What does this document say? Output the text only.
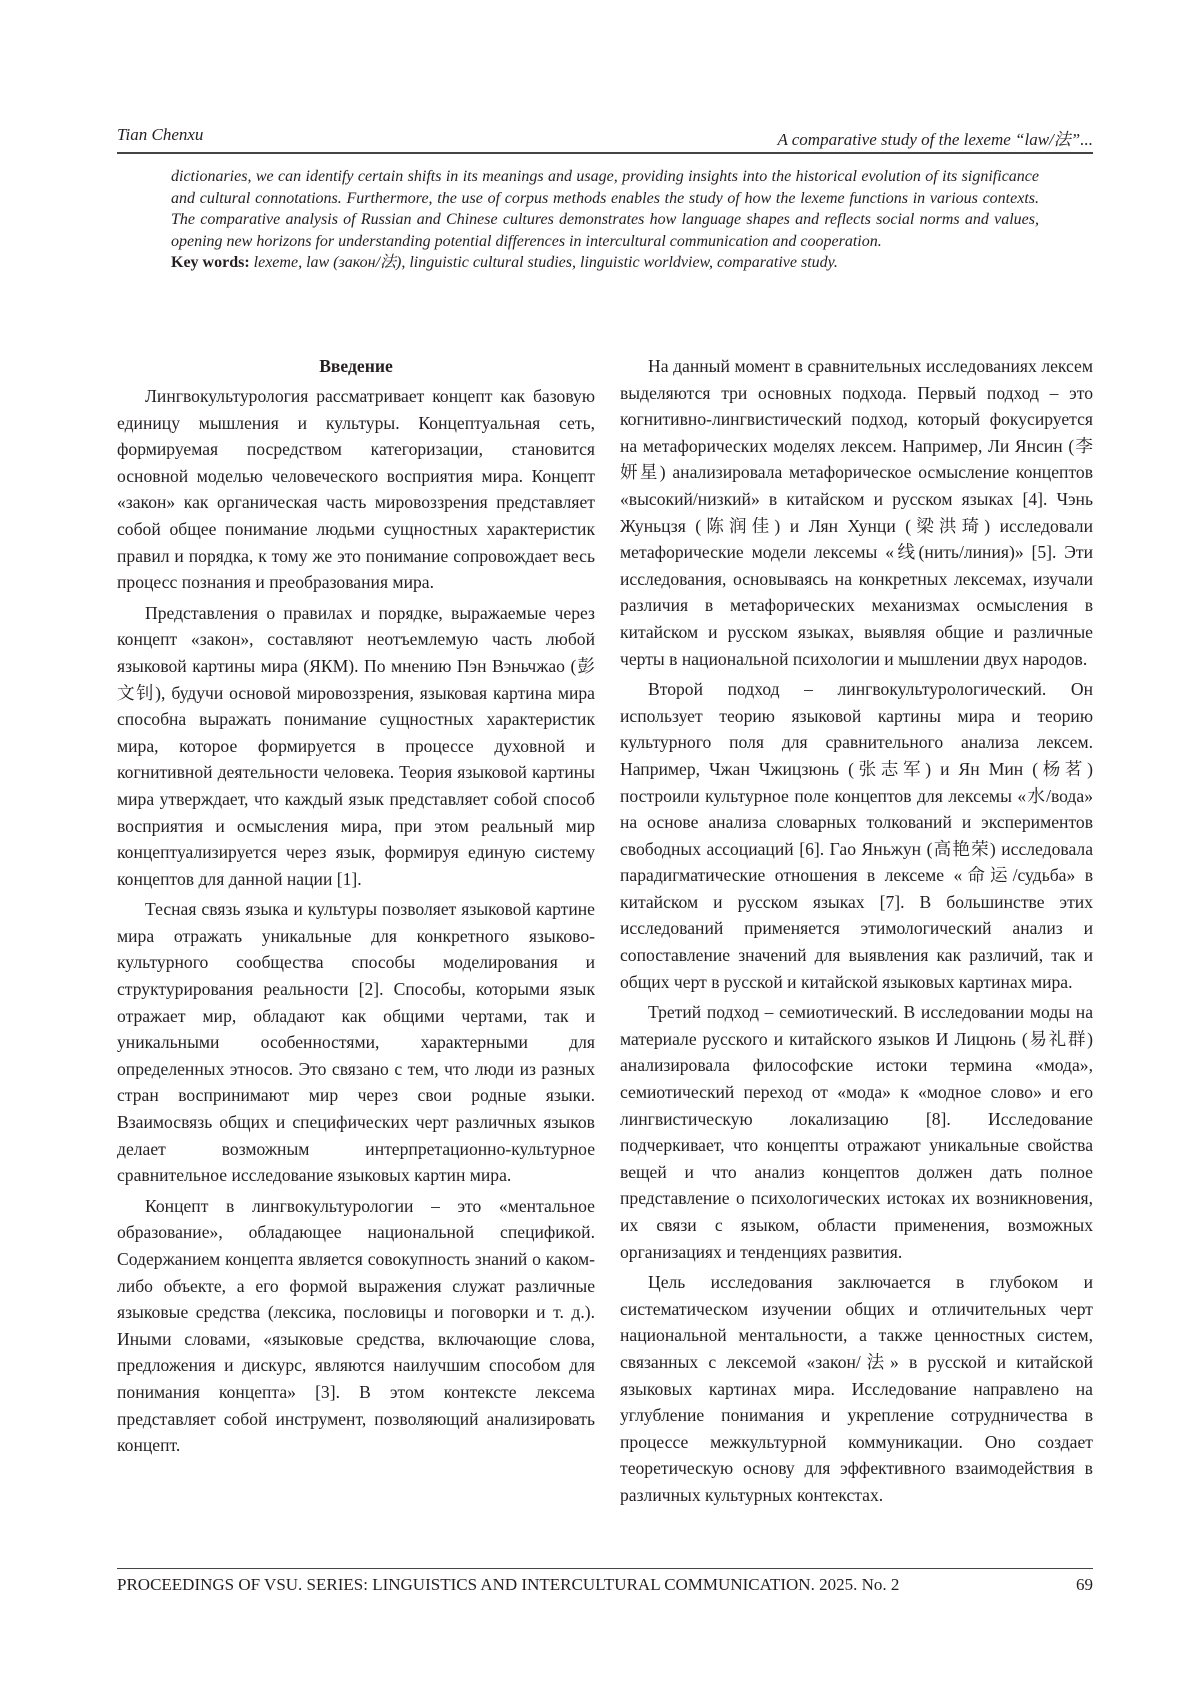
Tian Chenxu	A comparative study of the lexeme “law/法”...

dictionaries, we can identify certain shifts in its meanings and usage, providing insights into the historical evolution of its significance and cultural connotations. Furthermore, the use of corpus methods enables the study of how the lexeme functions in various contexts. The comparative analysis of Russian and Chinese cultures demonstrates how language shapes and reflects social norms and values, opening new horizons for understanding potential differences in intercultural communication and cooperation.

Key words: lexeme, law (закон/法), linguistic cultural studies, linguistic worldview, comparative study.

Введение

Лингвокультурология рассматривает концепт как базовую единицу мышления и культуры. Концептуальная сеть, формируемая посредством категоризации, становится основной моделью человеческого восприятия мира. Концепт «закон» как органическая часть мировоззрения представляет собой общее понимание людьми сущностных характеристик правил и порядка, к тому же это понимание сопровождает весь процесс познания и преобразования мира.

Представления о правилах и порядке, выражаемые через концепт «закон», составляют неотъемлемую часть любой языковой картины мира (ЯКМ). По мнению Пэн Вэньчжао (彭文钊), будучи основой мировоззрения, языковая картина мира способна выражать понимание сущностных характеристик мира, которое формируется в процессе духовной и когнитивной деятельности человека. Теория языковой картины мира утверждает, что каждый язык представляет собой способ восприятия и осмысления мира, при этом реальный мир концептуализируется через язык, формируя единую систему концептов для данной нации [1].

Тесная связь языка и культуры позволяет языковой картине мира отражать уникальные для конкретного языково-культурного сообщества способы моделирования и структурирования реальности [2]. Способы, которыми язык отражает мир, обладают как общими чертами, так и уникальными особенностями, характерными для определенных этносов. Это связано с тем, что люди из разных стран воспринимают мир через свои родные языки. Взаимосвязь общих и специфических черт различных языков делает возможным интерпретационно-культурное сравнительное исследование языковых картин мира.

Концепт в лингвокультурологии – это «ментальное образование», обладающее национальной спецификой. Содержанием концепта является совокупность знаний о каком-либо объекте, а его формой выражения служат различные языковые средства (лексика, пословицы и поговорки и т. д.). Иными словами, «языковые средства, включающие слова, предложения и дискурс, являются наилучшим способом для понимания концепта» [3]. В этом контексте лексема представляет собой инструмент, позволяющий анализировать концепт.

На данный момент в сравнительных исследованиях лексем выделяются три основных подхода. Первый подход – это когнитивно-лингвистический подход, который фокусируется на метафорических моделях лексем. Например, Ли Янсин (李妍星) анализировала метафорическое осмысление концептов «высокий/низкий» в китайском и русском языках [4]. Чэнь Жуньцзя (陈润佳) и Лян Хунци (梁洪琦) исследовали метафорические модели лексемы «线(нить/линия)» [5]. Эти исследования, основываясь на конкретных лексемах, изучали различия в метафорических механизмах осмысления в китайском и русском языках, выявляя общие и различные черты в национальной психологии и мышлении двух народов.

Второй подход – лингвокультурологический. Он использует теорию языковой картины мира и теорию культурного поля для сравнительного анализа лексем. Например, Чжан Чжицзюнь (张志军) и Ян Мин (杨茗) построили культурное поле концептов для лексемы «水/вода» на основе анализа словарных толкований и экспериментов свободных ассоциаций [6]. Гао Яньжун (高艳荣) исследовала парадигматические отношения в лексеме «命运/судьба» в китайском и русском языках [7]. В большинстве этих исследований применяется этимологический анализ и сопоставление значений для выявления как различий, так и общих черт в русской и китайской языковых картинах мира.

Третий подход – семиотический. В исследовании моды на материале русского и китайского языков И Лицюнь (易礼群) анализировала философские истоки термина «мода», семиотический переход от «мода» к «модное слово» и его лингвистическую локализацию [8]. Исследование подчеркивает, что концепты отражают уникальные свойства вещей и что анализ концептов должен дать полное представление о психологических истоках их возникновения, их связи с языком, области применения, возможных организациях и тенденциях развития.

Цель исследования заключается в глубоком и систематическом изучении общих и отличительных черт национальной ментальности, а также ценностных систем, связанных с лексемой «закон/法» в русской и китайской языковых картинах мира. Исследование направлено на углубление понимания и укрепление сотрудничества в процессе межкультурной коммуникации. Оно создает теоретическую основу для эффективного взаимодействия в различных культурных контекстах.

PROCEEDINGS OF VSU. SERIES: LINGUISTICS AND INTERCULTURAL COMMUNICATION. 2025. No. 2	69
